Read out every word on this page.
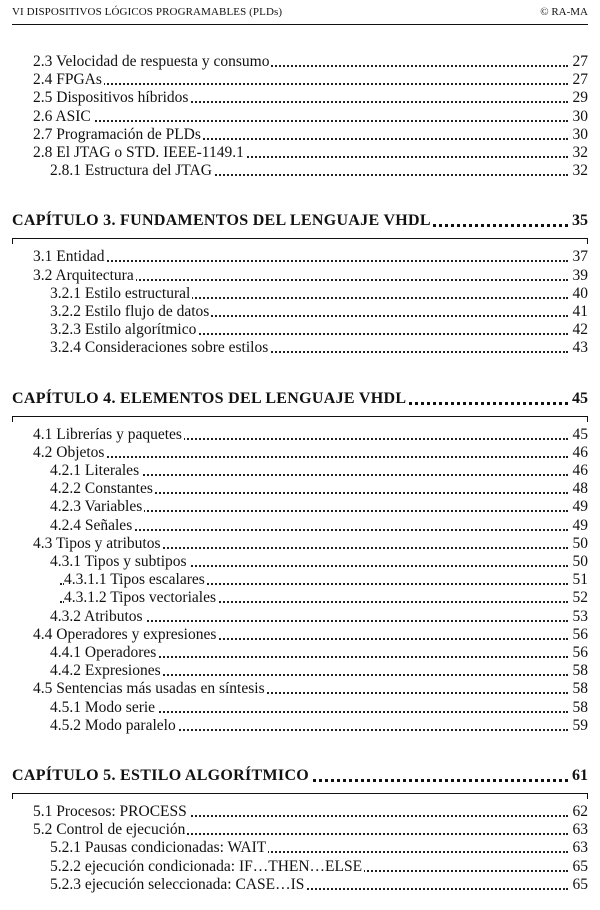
VI DISPOSITIVOS LÓGICOS PROGRAMABLES (PLDs)	© RA-MA
2.3 Velocidad de respuesta y consumo	27
2.4 FPGAs	27
2.5 Dispositivos híbridos	29
2.6 ASIC	30
2.7 Programación de PLDs	30
2.8 El JTAG o STD. IEEE-1149.1	32
2.8.1 Estructura del JTAG	32
CAPÍTULO 3. FUNDAMENTOS DEL LENGUAJE VHDL	35
3.1 Entidad	37
3.2 Arquitectura	39
3.2.1 Estilo estructural	40
3.2.2 Estilo flujo de datos	41
3.2.3 Estilo algorítmico	42
3.2.4 Consideraciones sobre estilos	43
CAPÍTULO 4. ELEMENTOS DEL LENGUAJE VHDL	45
4.1 Librerías y paquetes	45
4.2 Objetos	46
4.2.1 Literales	46
4.2.2 Constantes	48
4.2.3 Variables	49
4.2.4 Señales	49
4.3 Tipos y atributos	50
4.3.1 Tipos y subtipos	50
4.3.1.1 Tipos escalares	51
4.3.1.2 Tipos vectoriales	52
4.3.2 Atributos	53
4.4 Operadores y expresiones	56
4.4.1 Operadores	56
4.4.2 Expresiones	58
4.5 Sentencias más usadas en síntesis	58
4.5.1 Modo serie	58
4.5.2 Modo paralelo	59
CAPÍTULO 5. ESTILO ALGORÍTMICO	61
5.1 Procesos: PROCESS	62
5.2 Control de ejecución	63
5.2.1 Pausas condicionadas: WAIT	63
5.2.2 ejecución condicionada: IF…THEN…ELSE	65
5.2.3 ejecución seleccionada: CASE…IS	65
